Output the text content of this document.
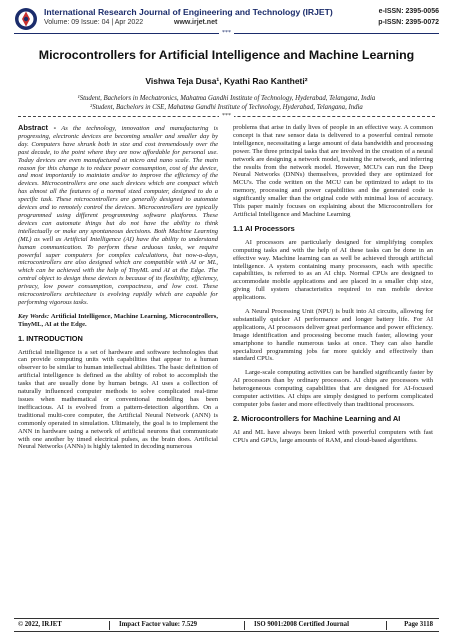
International Research Journal of Engineering and Technology (IRJET)
Volume: 09 Issue: 04 | Apr 2022	www.irjet.net
e-ISSN: 2395-0056
p-ISSN: 2395-0072
***
Microcontrollers for Artificial Intelligence and Machine Learning
Vishwa Teja Dusa¹, Kyathi Rao Kantheti²
¹Student, Bachelors in Mechatronics, Mahatma Gandhi Institute of Technology, Hyderabad, Telangana, India
²Student, Bachelors in CSE, Mahatma Gandhi Institute of Technology, Hyderabad, Telangana, India
***

Abstract - As the technology, innovation and manufacturing is progressing, electronic devices are becoming smaller and smaller day by day. Computers have shrunk both in size and cost tremendously over the past decade, to the point where they are now affordable for personal use. Today devices are even manufactured at micro and nano scale. The main reason for this change is to reduce power consumption, cost of the device, and most importantly to maintain and/or to improve the efficiency of the devices. Microcontrollers are one such devices which are compact which has almost all the features of a normal sized computer, designed to do a specific task. These microcontrollers are generally designed to automate devices and to remotely control the devices. Microcontrollers are typically programmed using different programming software platforms. These devices can automate things but do not have the ability to think intellectually or make any spontaneous decisions. Both Machine Learning (ML) as well as Artificial Intelligence (AI) have the ability to understand human communication. To perform these arduous tasks, we require powerful super computers for complex calculations, but now-a-days, microcontrollers are also designed which are compatible with AI or ML, which can be achieved with the help of TinyML and AI at the Edge. The central object to design these devices is because of its flexibility, efficiency, privacy, low power consumption, compactness, and low cost. These microcontrollers architecture is evolving rapidly which are capable for performing vigorous tasks.

Key Words: Artificial Intelligence, Machine Learning, Microcontrollers, TinyML, AI at the Edge.

1. INTRODUCTION

Artificial intelligence is a set of hardware and software technologies that can provide computing units with capabilities that appear to a human observer to be similar to human intellectual abilities. The basic definition of artificial intelligence is defined as the ability of robot to accomplish the tasks that are usually done by human beings. AI uses a collection of naturally influenced computer methods to solve complicated real-time issues when mathematical or conventional modelling has been inefficacious. AI is evolved from a pattern-detection algorithm. On a traditional multi-core computer, the Artificial Neural Network (ANN) is commonly operated in simulation. Ultimately, the goal is to implement the ANN in hardware using a network of artificial neurons that communicate with one another by timed electrical pulses, as the brain does. Artificial Neural Networks (ANNs) is highly talented in decoding numerous

problems that arise in daily lives of people in an effective way. A common concept is that raw sensor data is delivered to a powerful central remote intelligence, necessitating a large amount of data bandwidth and processing power. The three principal tasks that are involved in the creation of a neural network are designing a network model, training the network, and inferring the results from the network model. However, MCU's can run the Deep Neural Networks (DNNs) themselves, provided they are optimized for MCU's. The code written on the MCU can be optimized to adapt to its memory, processing and power capabilities and the generated code is significantly smaller than the original code with minimal loss of accuracy. This paper mainly focuses on explaining about the Microcontrollers for Artificial Intelligence and Machine Learning

1.1 AI Processors

AI processors are particularly designed for simplifying complex computing tasks and with the help of AI these tasks can be done in an effective way. Machine learning can as well be achieved through artificial intelligence. A system containing many processors, each with specific capabilities, is referred to as an AI chip. Normal CPUs are designed to accommodate mobile applications and are placed in a smaller chip size, giving full system characteristics required to run mobile device applications.

A Neural Processing Unit (NPU) is built into AI circuits, allowing for substantially quicker AI performance and longer battery life. For AI applications, AI processors deliver great performance and power efficiency. Image identification and processing become much faster, allowing your smartphone to handle numerous tasks at once. They can also handle specialized programming jobs far more quickly and effectively than standard CPUs.

Large-scale computing activities can be handled significantly faster by AI processors than by ordinary processors. AI chips are processors with heterogeneous computing capabilities that are designed for AI-focused computer activities. AI chips are simply designed to perform complicated computer jobs faster and more effectively than traditional processors.

2. Microcontrollers for Machine Learning and AI

AI and ML have always been linked with powerful computers with fast CPUs and GPUs, large amounts of RAM, and cloud-based algorithms.

© 2022, IRJET	Impact Factor value: 7.529	ISO 9001:2008 Certified Journal	Page 3118
